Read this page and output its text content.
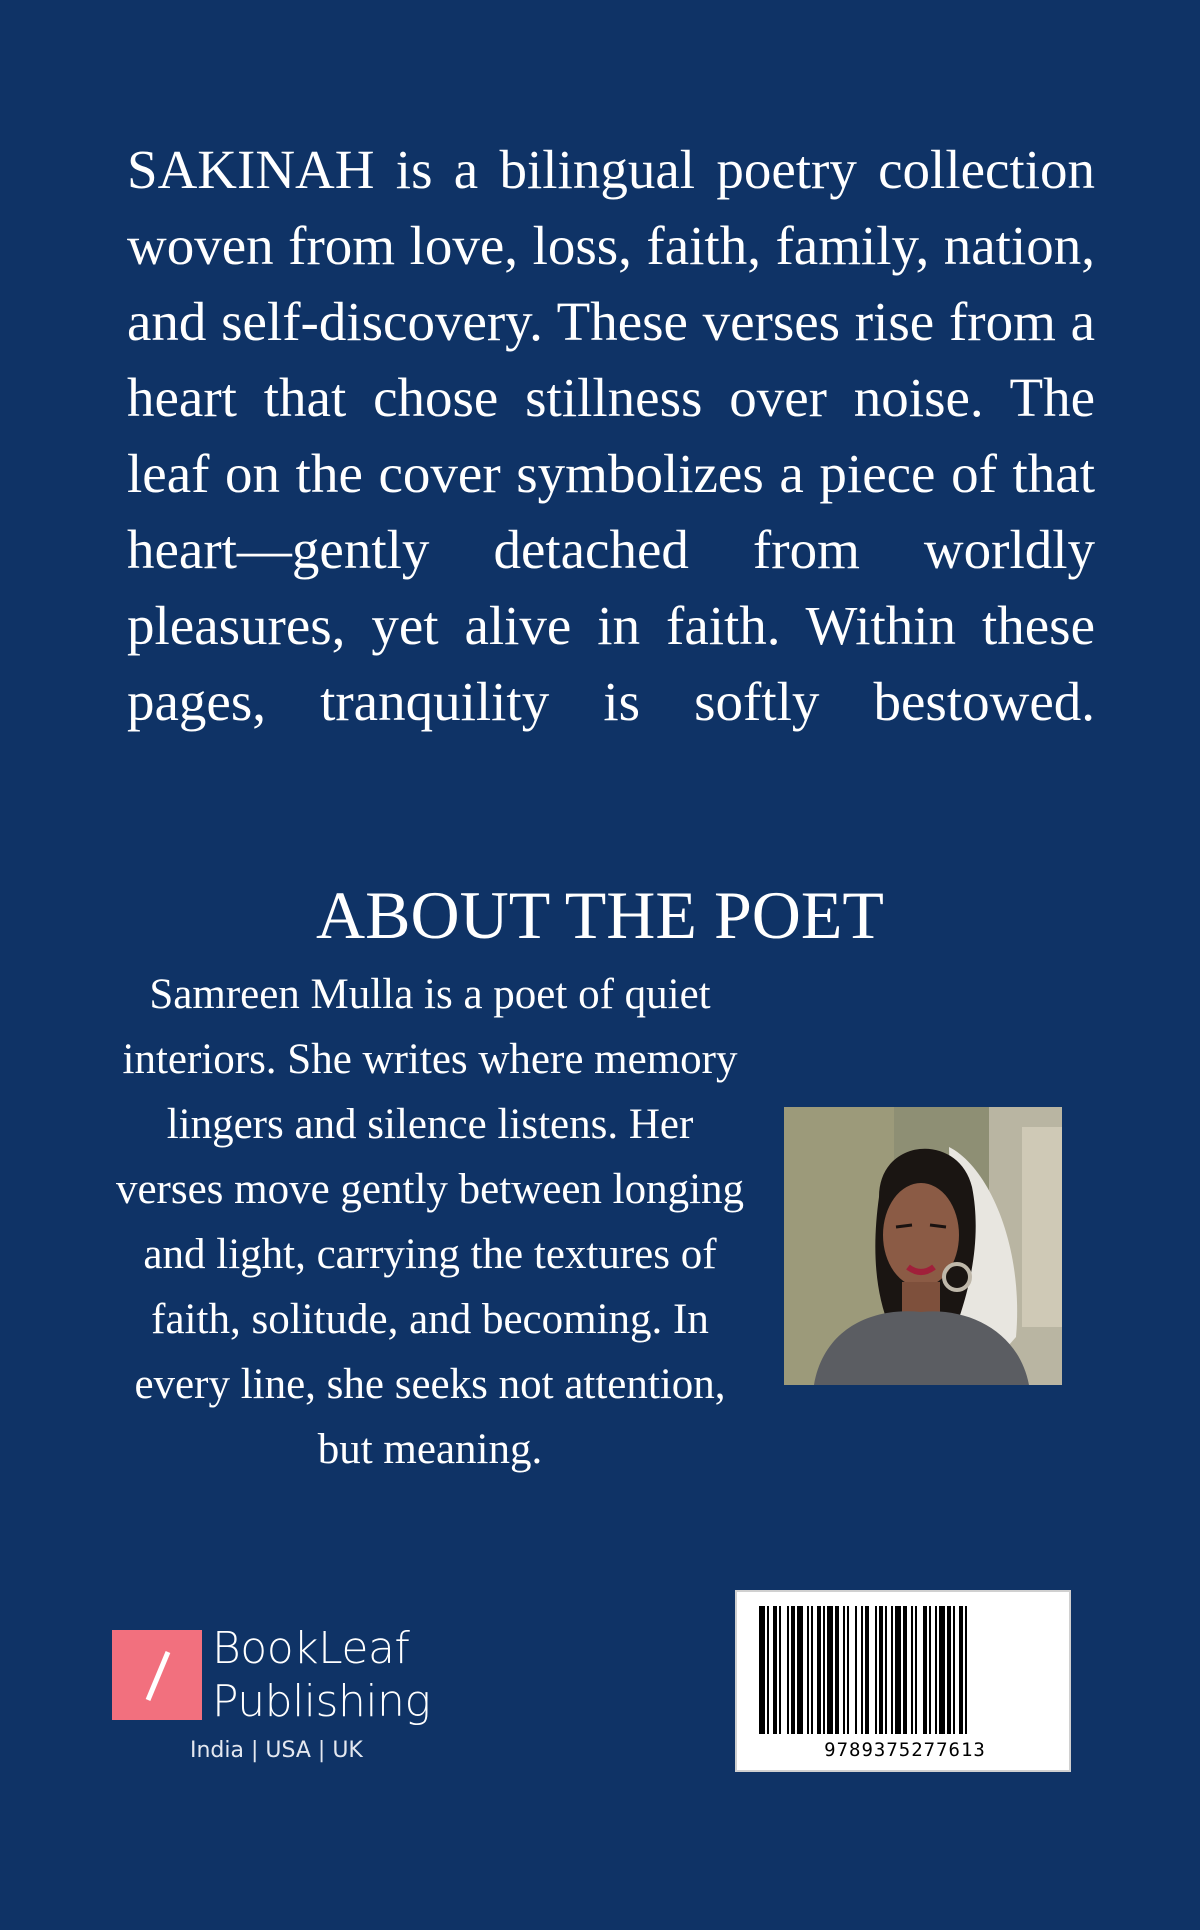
SAKINAH is a bilingual poetry collection woven from love, loss, faith, family, nation, and self-discovery. These verses rise from a heart that chose stillness over noise. The leaf on the cover symbolizes a piece of that heart—gently detached from worldly pleasures, yet alive in faith. Within these pages, tranquility is softly bestowed.

ABOUT THE POET

Samreen Mulla is a poet of quiet interiors. She writes where memory lingers and silence listens. Her verses move gently between longing and light, carrying the textures of faith, solitude, and becoming. In every line, she seeks not attention, but meaning.

BookLeaf
Publishing
India | USA | UK	9789375277613
